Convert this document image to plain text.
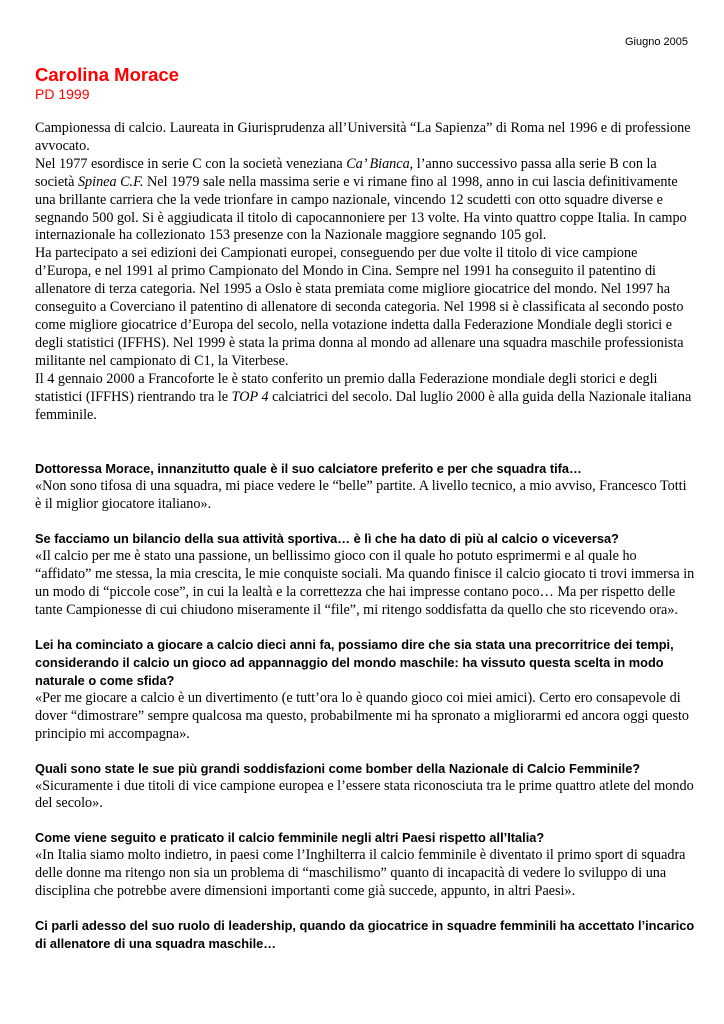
Giugno 2005
Carolina Morace
PD 1999

Campionessa di calcio. Laureata in Giurisprudenza all’Università “La Sapienza” di Roma nel 1996 e di professione avvocato.

Nel 1977 esordisce in serie C con la società veneziana Ca’ Bianca, l’anno successivo passa alla serie B con la società Spinea C.F. Nel 1979 sale nella massima serie e vi rimane fino al 1998, anno in cui lascia definitivamente una brillante carriera che la vede trionfare in campo nazionale, vincendo 12 scudetti con otto squadre diverse e segnando 500 gol. Si è aggiudicata il titolo di capocannoniere per 13 volte. Ha vinto quattro coppe Italia. In campo internazionale ha collezionato 153 presenze con la Nazionale maggiore segnando 105 gol.

Ha partecipato a sei edizioni dei Campionati europei, conseguendo per due volte il titolo di vice campione d’Europa, e nel 1991 al primo Campionato del Mondo in Cina. Sempre nel 1991 ha conseguito il patentino di allenatore di terza categoria. Nel 1995 a Oslo è stata premiata come migliore giocatrice del mondo. Nel 1997 ha conseguito a Coverciano il patentino di allenatore di seconda categoria. Nel 1998 si è classificata al secondo posto come migliore giocatrice d’Europa del secolo, nella votazione indetta dalla Federazione Mondiale degli storici e degli statistici (IFFHS). Nel 1999 è stata la prima donna al mondo ad allenare una squadra maschile professionista militante nel campionato di C1, la Viterbese.

Il 4 gennaio 2000 a Francoforte le è stato conferito un premio dalla Federazione mondiale degli storici e degli statistici (IFFHS) rientrando tra le TOP 4 calciatrici del secolo. Dal luglio 2000 è alla guida della Nazionale italiana femminile.

Dottoressa Morace, innanzitutto quale è il suo calciatore preferito e per che squadra tifa…

«Non sono tifosa di una squadra, mi piace vedere le “belle” partite. A livello tecnico, a mio avviso, Francesco Totti è il miglior giocatore italiano».

Se facciamo un bilancio della sua attività sportiva… è lì che ha dato di più al calcio o viceversa?

«Il calcio per me è stato una passione, un bellissimo gioco con il quale ho potuto esprimermi e al quale ho “affidato” me stessa, la mia crescita, le mie conquiste sociali. Ma quando finisce il calcio giocato ti trovi immersa in un modo di “piccole cose”, in cui la lealtà e la correttezza che hai impresse contano poco… Ma per rispetto delle tante Campionesse di cui chiudono miseramente il “file”, mi ritengo soddisfatta da quello che sto ricevendo ora».

Lei ha cominciato a giocare a calcio dieci anni fa, possiamo dire che sia stata una precorritrice dei tempi, considerando il calcio un gioco ad appannaggio del mondo maschile: ha vissuto questa scelta in modo naturale o come sfida?

«Per me giocare a calcio è un divertimento (e tutt’ora lo è quando gioco coi miei amici). Certo ero consapevole di dover “dimostrare” sempre qualcosa ma questo, probabilmente mi ha spronato a migliorarmi ed ancora oggi questo principio mi accompagna».

Quali sono state le sue più grandi soddisfazioni come bomber della Nazionale di Calcio Femminile?

«Sicuramente i due titoli di vice campione europea e l’essere stata riconosciuta tra le prime quattro atlete del mondo del secolo».

Come viene seguito e praticato il calcio femminile negli altri Paesi rispetto all’Italia?

«In Italia siamo molto indietro, in paesi come l’Inghilterra il calcio femminile è diventato il primo sport di squadra delle donne ma ritengo non sia un problema di “maschilismo” quanto di incapacità di vedere lo sviluppo di una disciplina che potrebbe avere dimensioni importanti come già succede, appunto, in altri Paesi».

Ci parli adesso del suo ruolo di leadership, quando da giocatrice in squadre femminili ha accettato l’incarico di allenatore di una squadra maschile…
